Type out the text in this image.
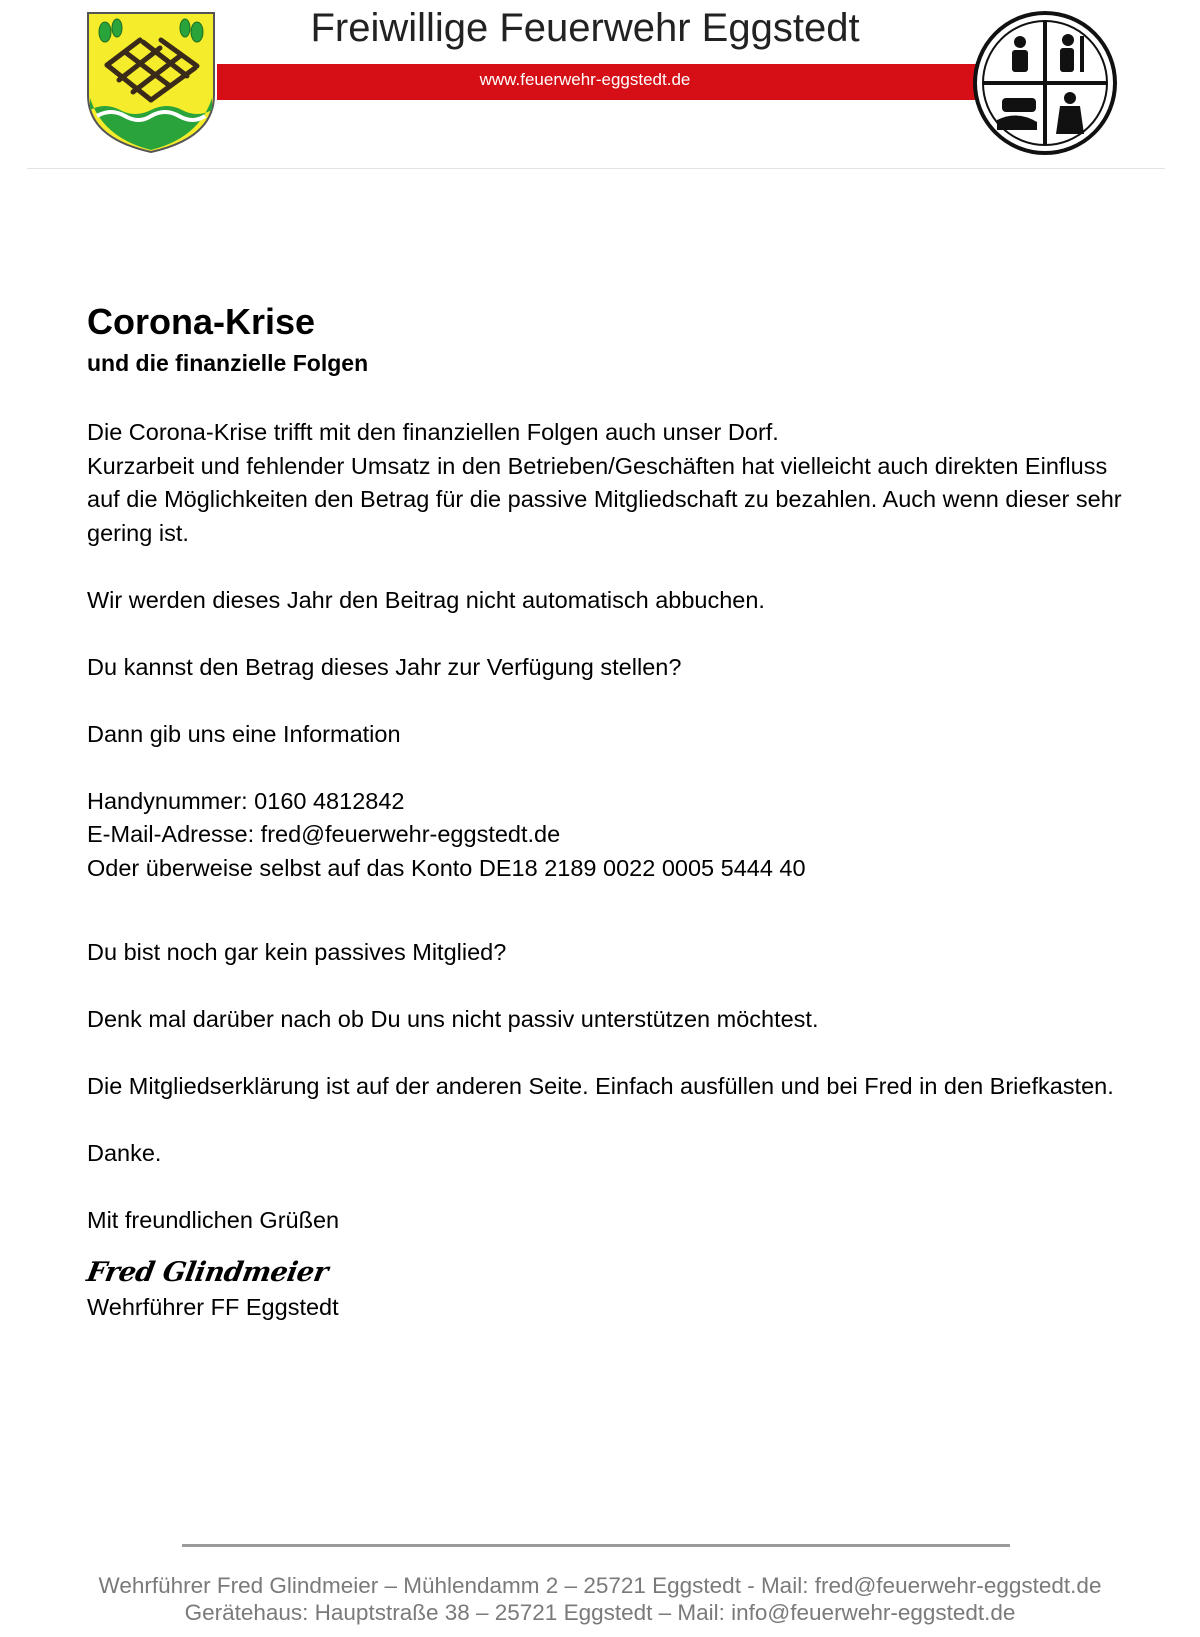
Freiwillige Feuerwehr Eggstedt
www.feuerwehr-eggstedt.de
Corona-Krise
und die finanzielle Folgen

Die Corona-Krise trifft mit den finanziellen Folgen auch unser Dorf.

Kurzarbeit und fehlender Umsatz in den Betrieben/Geschäften hat vielleicht auch direkten Einfluss auf die Möglichkeiten den Betrag für die passive Mitgliedschaft zu bezahlen. Auch wenn dieser sehr gering ist.

Wir werden dieses Jahr den Beitrag nicht automatisch abbuchen.

Du kannst den Betrag dieses Jahr zur Verfügung stellen?

Dann gib uns eine Information

Handynummer: 0160 4812842

E-Mail-Adresse: fred@feuerwehr-eggstedt.de

Oder überweise selbst auf das Konto DE18 2189 0022 0005 5444 40

Du bist noch gar kein passives Mitglied?

Denk mal darüber nach ob Du uns nicht passiv unterstützen möchtest.

Die Mitgliedserklärung ist auf der anderen Seite. Einfach ausfüllen und bei Fred in den Briefkasten.

Danke.

Mit freundlichen Grüßen

Fred Glindmeier
Wehrführer FF Eggstedt
Wehrführer Fred Glindmeier – Mühlendamm 2 – 25721 Eggstedt - Mail: fred@feuerwehr-eggstedt.de
Gerätehaus: Hauptstraße 38 – 25721 Eggstedt – Mail: info@feuerwehr-eggstedt.de
